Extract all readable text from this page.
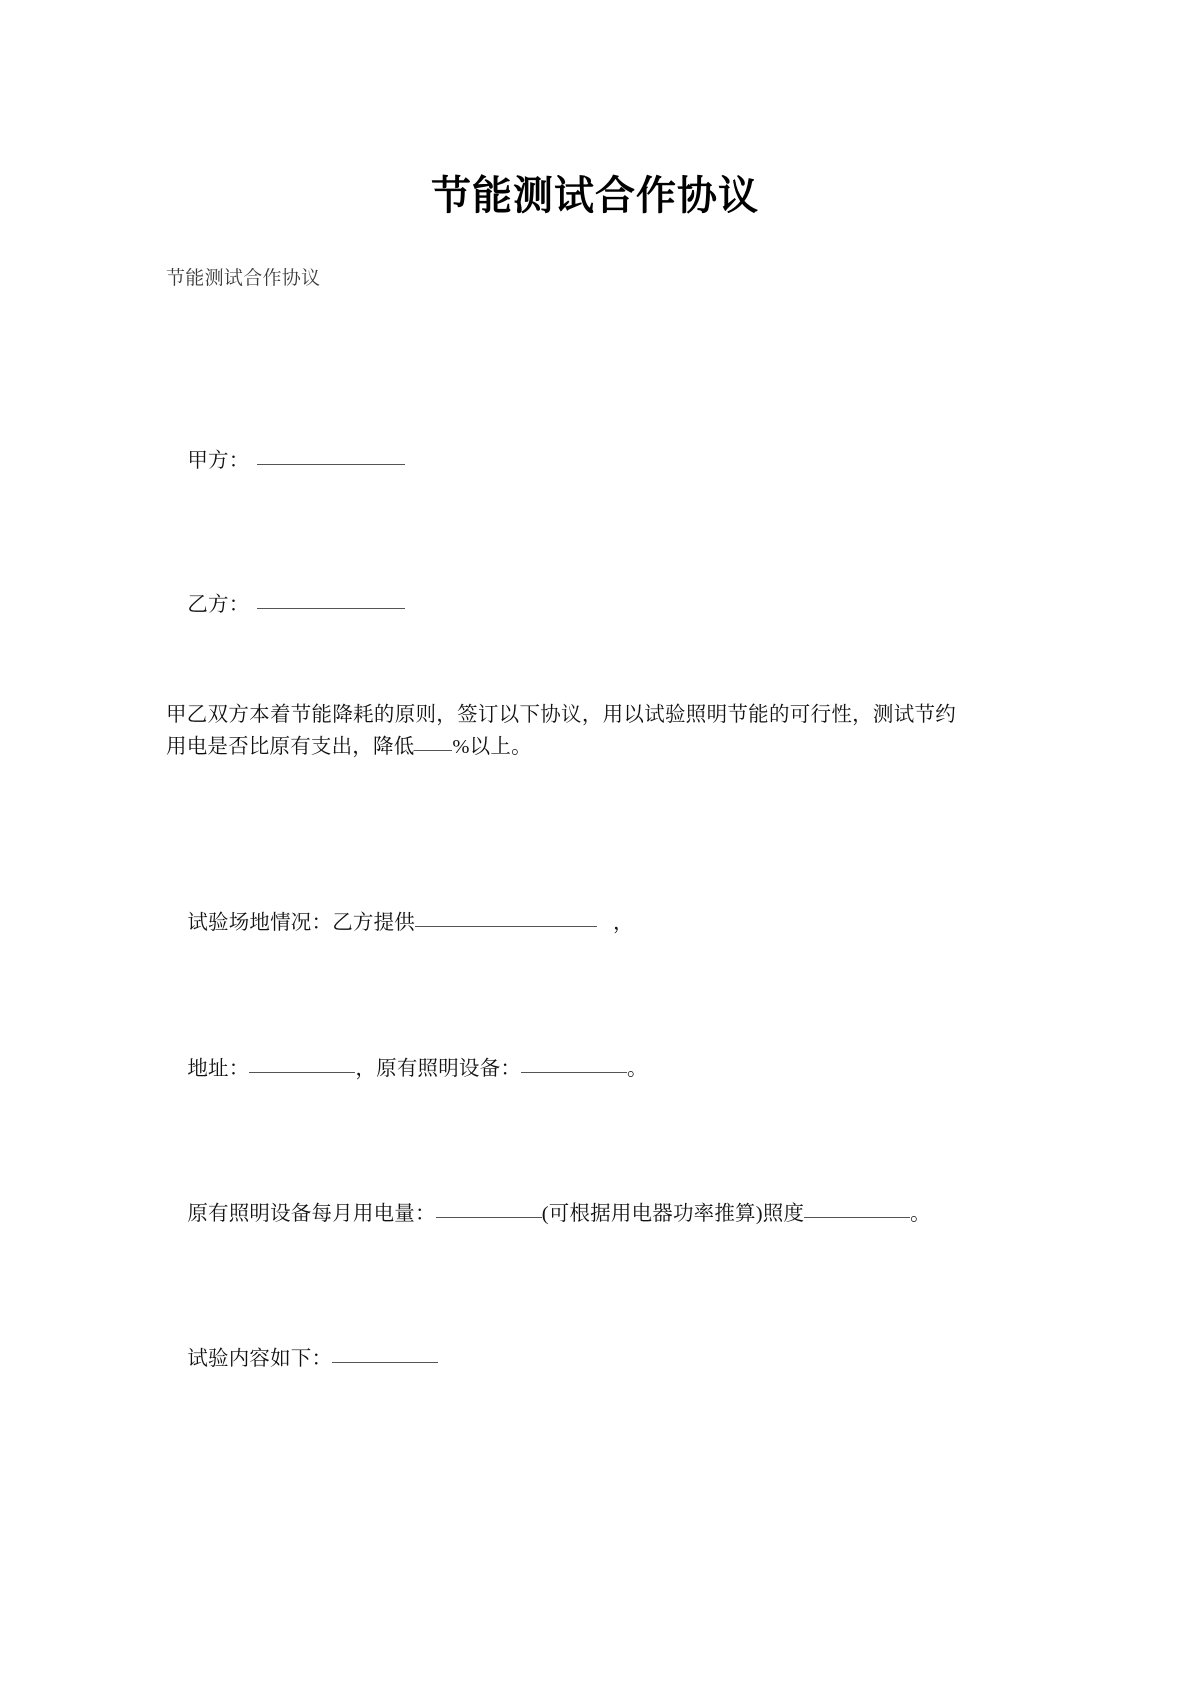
节能测试合作协议
节能测试合作协议

甲方：

乙方：

甲乙双方本着节能降耗的原则，签订以下协议，用以试验照明节能的可行性，测试节约用电是否比原有支出，降低 %以上。

试验场地情况：乙方提供	，

地址：	，原有照明设备：	。

原有照明设备每月用电量：	(可根据用电器功率推算)照度	。

试验内容如下：
